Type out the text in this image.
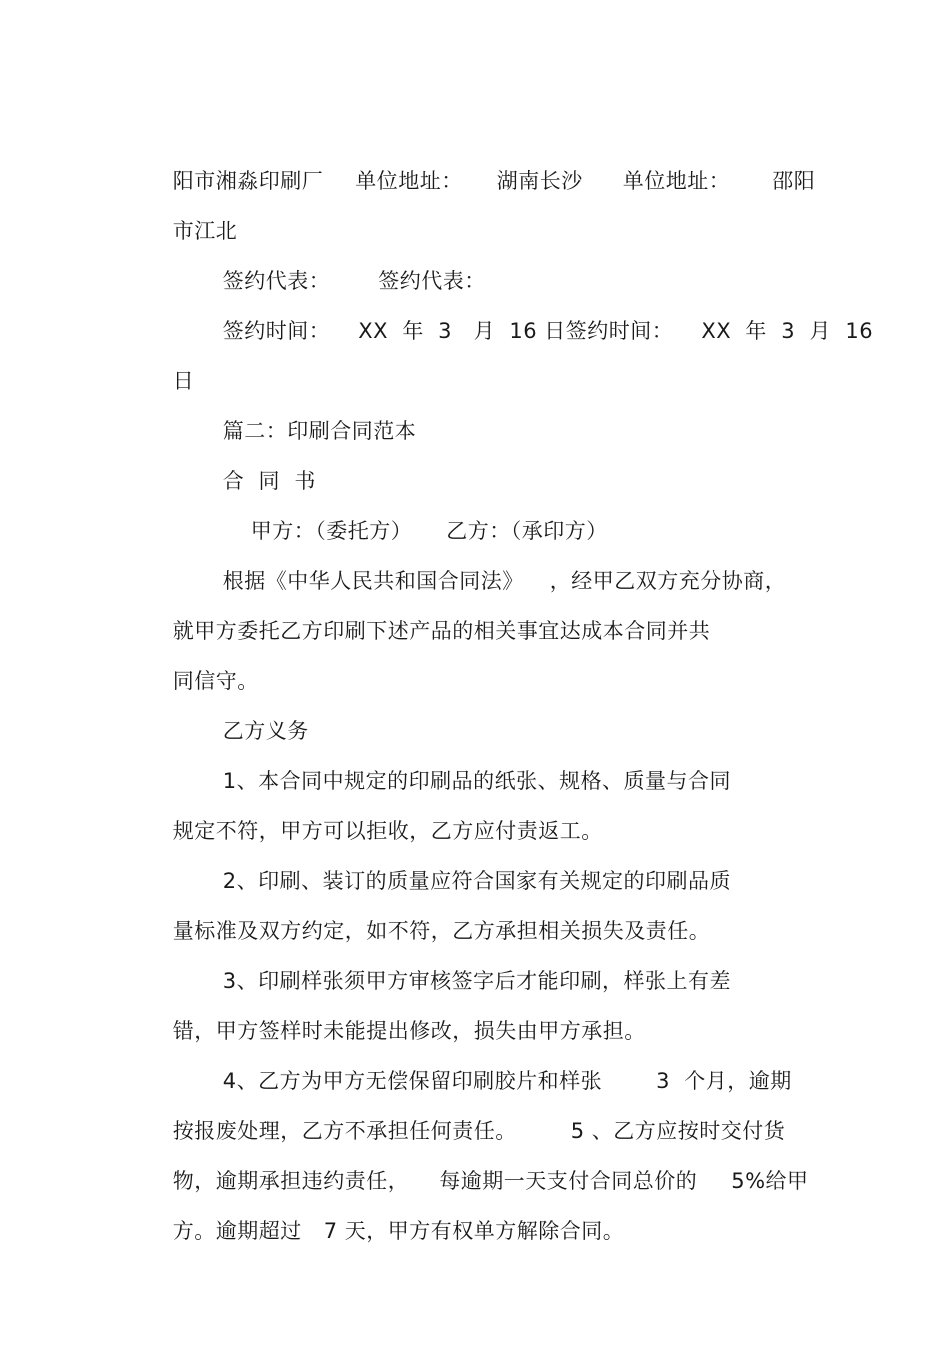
阳市湘淼印刷厂 单位地址： 湖南长沙 单位地址： 邵阳

市江北

签约代表： 签约代表：

签约时间： XX  年  3   月  16 日签约时间： XX  年  3  月  16

日

篇二：印刷合同范本

合  同  书

甲方：（委托方） 乙方：（承印方）

根据《中华人民共和国合同法》 ，经甲乙双方充分协商，

就甲方委托乙方印刷下述产品的相关事宜达成本合同并共

同信守。

乙方义务

1、本合同中规定的印刷品的纸张、规格、质量与合同

规定不符，甲方可以拒收，乙方应付责返工。

2、印刷、装订的质量应符合国家有关规定的印刷品质

量标准及双方约定，如不符，乙方承担相关损失及责任。

3、印刷样张须甲方审核签字后才能印刷，样张上有差

错，甲方签样时未能提出修改，损失由甲方承担。

4、乙方为甲方无偿保留印刷胶片和样张	3  个月，逾期

按报废处理，乙方不承担任何责任。	5 、乙方应按时交付货

物，逾期承担违约责任， 每逾期一天支付合同总价的 5%给甲

方。逾期超过 7 天，甲方有权单方解除合同。
